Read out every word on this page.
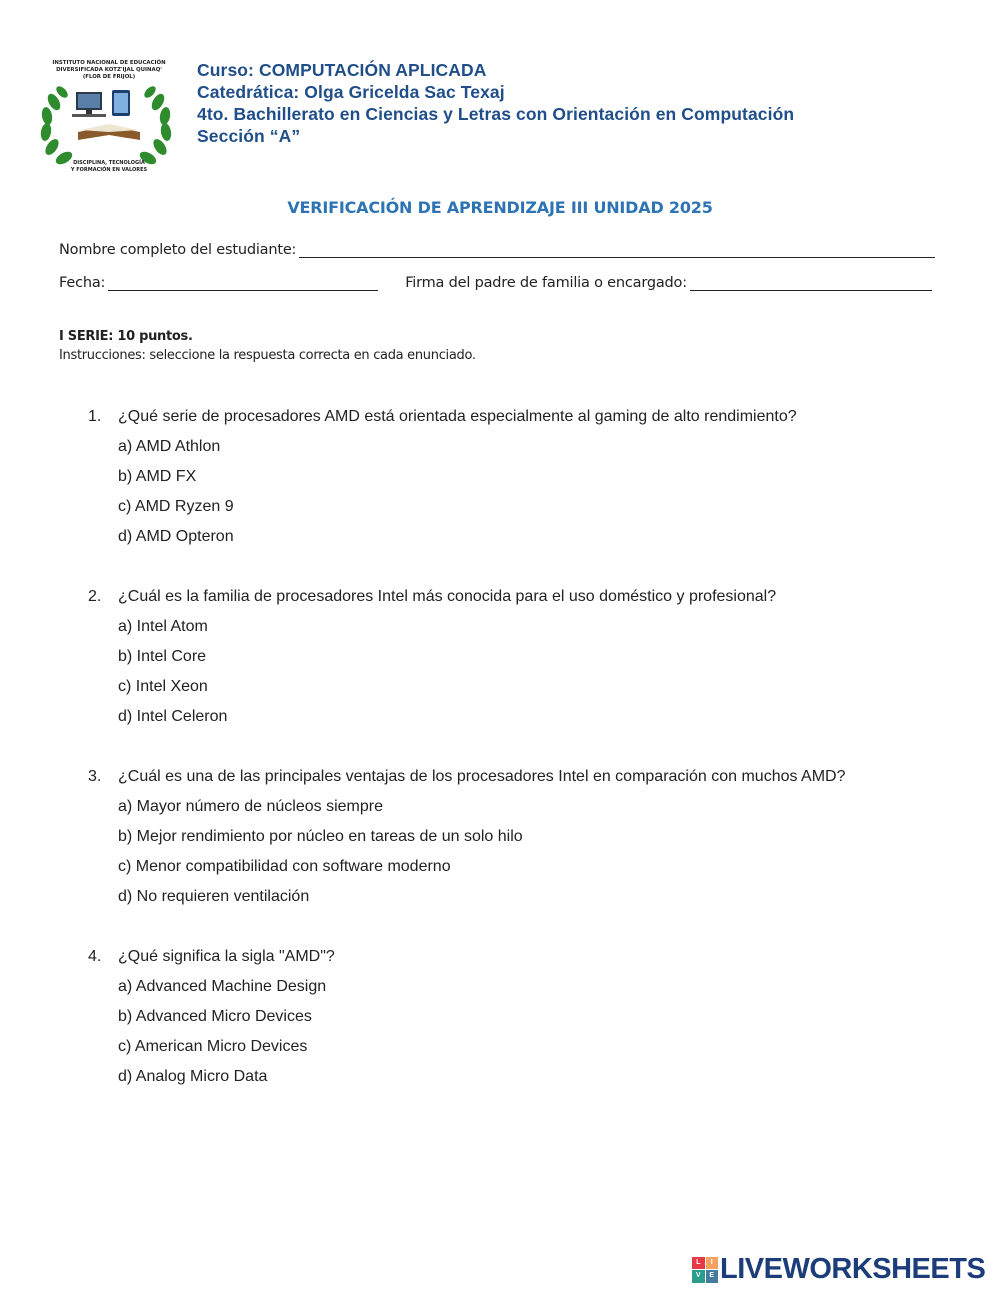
INSTITUTO NACIONAL DE EDUCACIÓN
DIVERSIFICADA KOTZ'IJAL QUINAQ'
(FLOR DE FRIJOL)
DISCIPLINA, TECNOLOGÍA
Y FORMACIÓN EN VALORES
Curso: COMPUTACIÓN APLICADA
Catedrática: Olga Gricelda Sac Texaj
4to. Bachillerato en Ciencias y Letras con Orientación en Computación
Sección “A”
VERIFICACIÓN DE APRENDIZAJE III UNIDAD 2025
Nombre completo del estudiante:
Fecha:	Firma del padre de familia o encargado:
I SERIE: 10 puntos.
Instrucciones: seleccione la respuesta correcta en cada enunciado.
1.	¿Qué serie de procesadores AMD está orientada especialmente al gaming de alto rendimiento?
a) AMD Athlon
b) AMD FX
c) AMD Ryzen 9
d) AMD Opteron
2.	¿Cuál es la familia de procesadores Intel más conocida para el uso doméstico y profesional?
a) Intel Atom
b) Intel Core
c) Intel Xeon
d) Intel Celeron
3.	¿Cuál es una de las principales ventajas de los procesadores Intel en comparación con muchos AMD?
a) Mayor número de núcleos siempre
b) Mejor rendimiento por núcleo en tareas de un solo hilo
c) Menor compatibilidad con software moderno
d) No requieren ventilación
4.	¿Qué significa la sigla "AMD"?
a) Advanced Machine Design
b) Advanced Micro Devices
c) American Micro Devices
d) Analog Micro Data
L	I
V	E LIVEWORKSHEETS
